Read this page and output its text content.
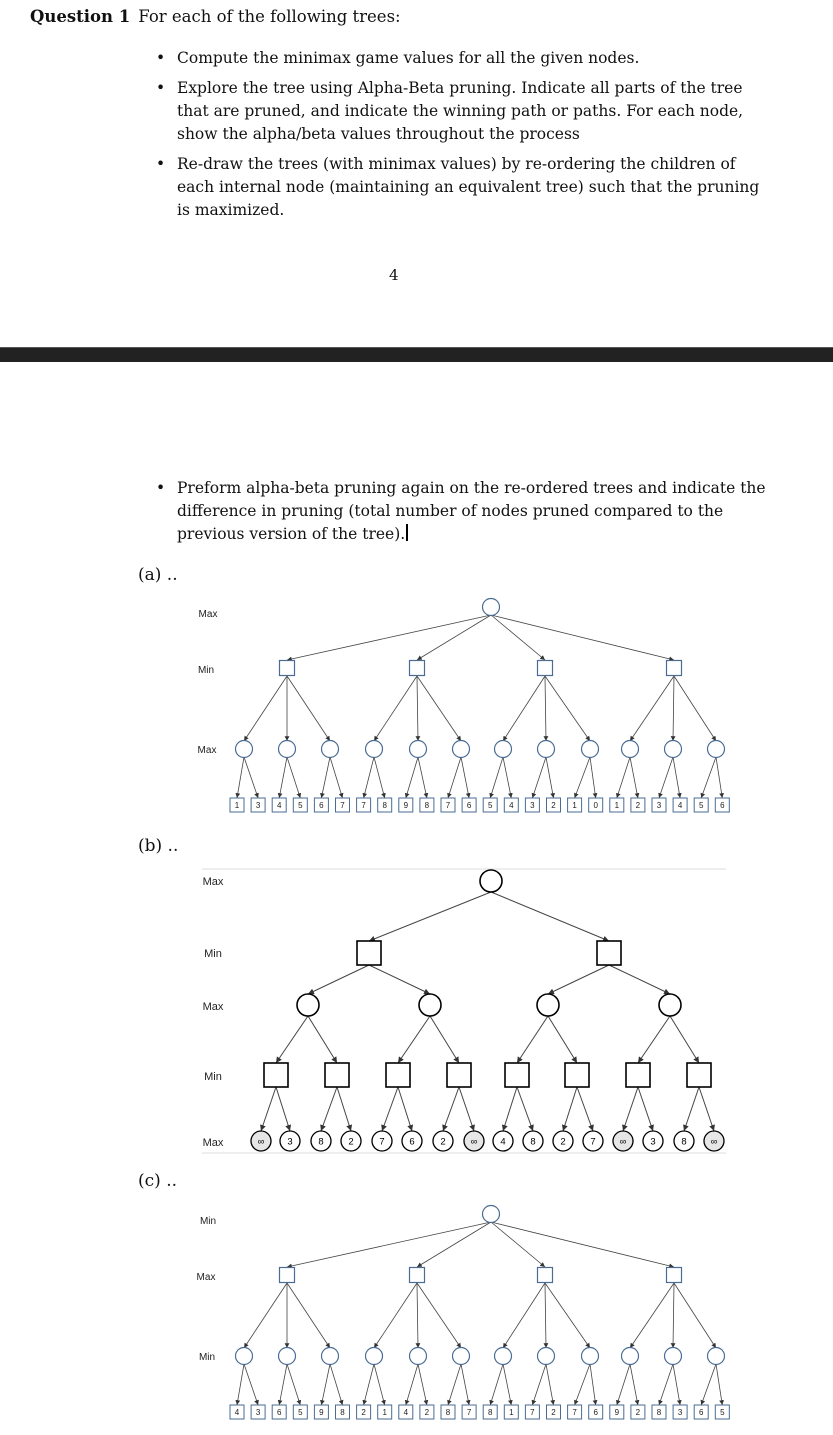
Question 1 For each of the following trees:
• Compute the minimax game values for all the given nodes.
• Explore the tree using Alpha-Beta pruning. Indicate all parts of the tree that are pruned, and indicate the winning path or paths. For each node, show the alpha/beta values throughout the process
• Re-draw the trees (with minimax values) by re-ordering the children of each internal node (maintaining an equivalent tree) such that the pruning is maximized.
4
• Preform alpha-beta pruning again on the re-ordered trees and indicate the difference in pruning (total number of nodes pruned compared to the previous version of the tree).
(a) ..
(b) ..
(c) ..
Max
Min
Max
1 3 4 5 6 7 7 8 9 8 7 6 5 4 3 2 1 0 1 2 3 4 5 6
Min
Max
Min
4 3 6 5 9 8 2 1 4 2 8 7 8 1 7 2 7 6 9 2 8 3 6 5
Max
Min
Max
Min
Max	∞ 3	8	2	7	6	2	∞ 4	8	2	7	∞	3	8	∞
